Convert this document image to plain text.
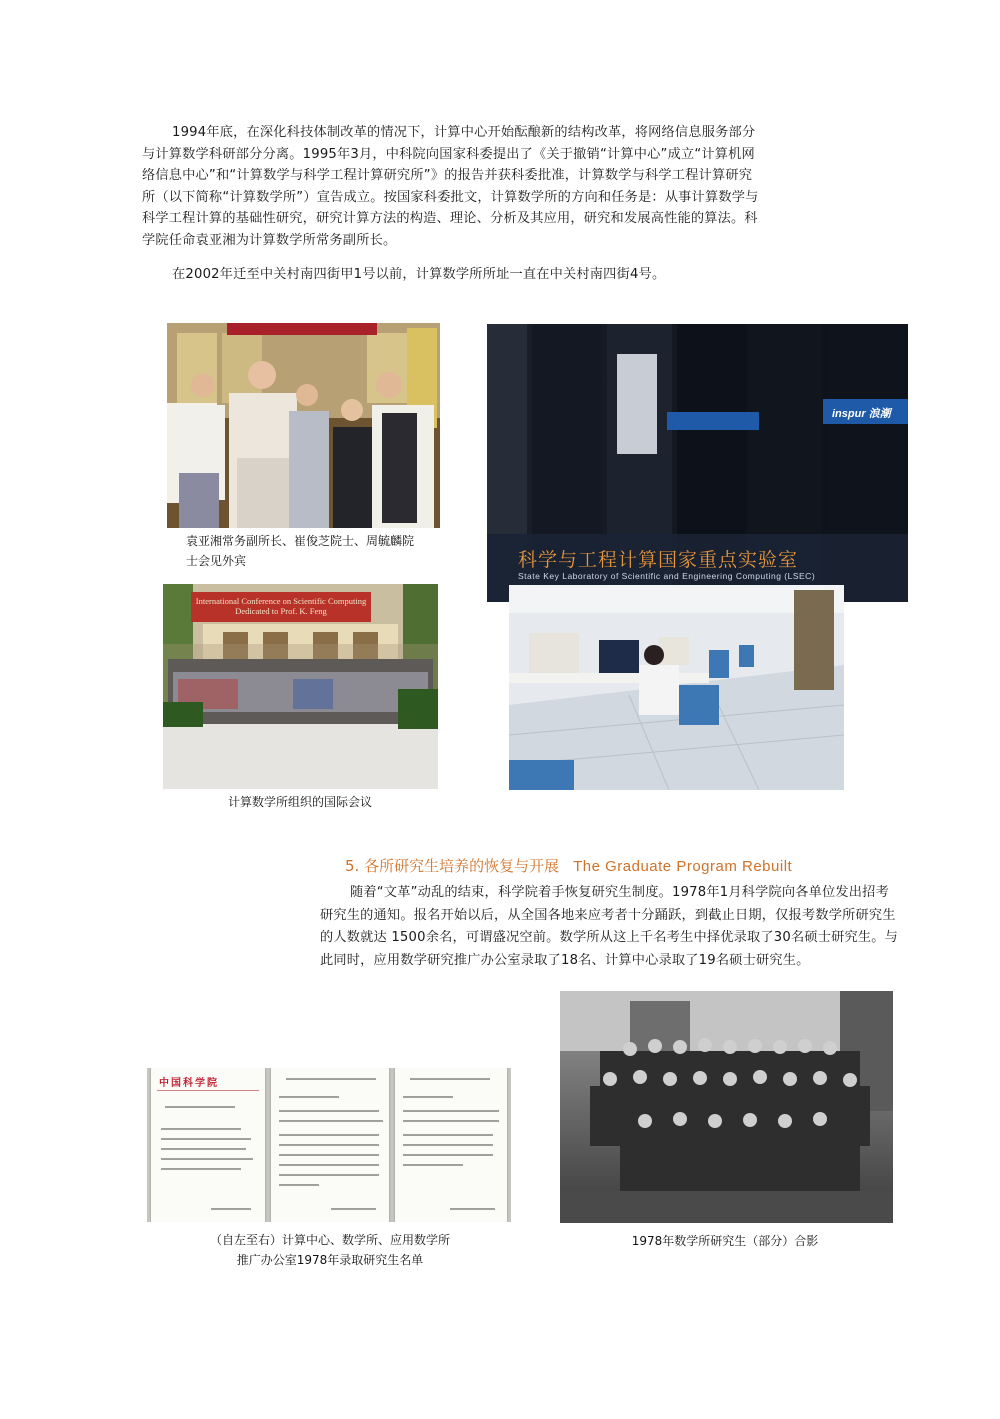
1994年底，在深化科技体制改革的情况下，计算中心开始酝酿新的结构改革，将网络信息服务部分与计算数学科研部分分离。1995年3月，中科院向国家科委提出了《关于撤销“计算中心”成立“计算机网络信息中心”和“计算数学与科学工程计算研究所”》的报告并获科委批准，计算数学与科学工程计算研究所（以下简称“计算数学所”）宣告成立。按国家科委批文，计算数学所的方向和任务是：从事计算数学与科学工程计算的基础性研究，研究计算方法的构造、理论、分析及其应用，研究和发展高性能的算法。科学院任命袁亚湘为计算数学所常务副所长。
在2002年迁至中关村南四街甲1号以前，计算数学所所址一直在中关村南四街4号。
袁亚湘常务副所长、崔俊芝院士、周毓麟院士会见外宾
inspur 浪潮
科学与工程计算国家重点实验室
State Key Laboratory of Scientific and Engineering Computing (LSEC)
International Conference on Scientific Computing Dedicated to Prof. K. Feng
计算数学所组织的国际会议
5. 各所研究生培养的恢复与开展 The Graduate Program Rebuilt
随着“文革”动乱的结束，科学院着手恢复研究生制度。1978年1月科学院向各单位发出招考研究生的通知。报名开始以后，从全国各地来应考者十分踊跃，到截止日期，仅报考数学所研究生的人数就达 1500余名，可谓盛况空前。数学所从这上千名考生中择优录取了30名硕士研究生。与此同时，应用数学研究推广办公室录取了18名、计算中心录取了19名硕士研究生。
中国科学院
（自左至右）计算中心、数学所、应用数学所推广办公室1978年录取研究生名单
1978年数学所研究生（部分）合影
